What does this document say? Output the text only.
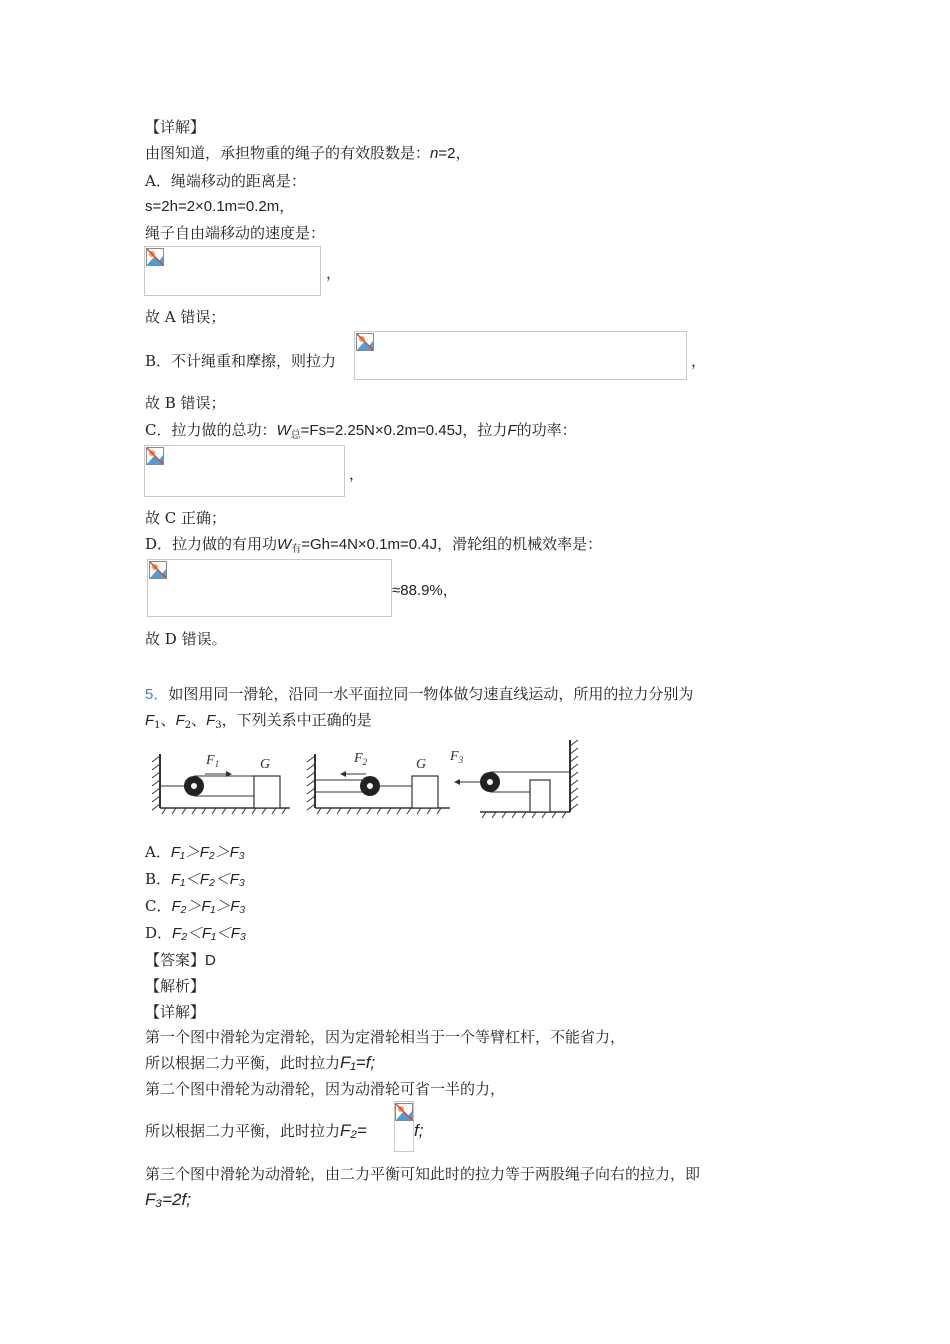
【详解】
由图知道，承担物重的绳子的有效股数是：n=2，
A．绳端移动的距离是：
s=2h=2×0.1m=0.2m，
绳子自由端移动的速度是：
，
故 A 错误；
B．不计绳重和摩擦，则拉力	，
故 B 错误；
C．拉力做的总功：$W_总=Fs=2.25N\times 0.2m=0.45J$，拉力F的功率：
，
故 C 正确；
D．拉力做的有用功$W_有=Gh=4N\times 0.1m=0.4J$，滑轮组的机械效率是：
≈88.9%，
故 D 错误。
5．如图用同一滑轮，沿同一水平面拉同一物体做匀速直线运动，所用的拉力分别为
$F_1$、$F_2$、$F_3$，下列关系中正确的是
$F_1$	G	$F_2$	G
$F_3$
A．F₁＞F₂＞F₃
B．F₁＜F₂＜F₃
C．F₂＞F₁＞F₃
D．F₂＜F₁＜F₃
【答案】D
【解析】
【详解】
第一个图中滑轮为定滑轮，因为定滑轮相当于一个等臂杠杆，不能省力，
所以根据二力平衡，此时拉力F₁=f;
第二个图中滑轮为动滑轮，因为动滑轮可省一半的力，
所以根据二力平衡，此时拉力F₂=	f;
第三个图中滑轮为动滑轮，由二力平衡可知此时的拉力等于两股绳子向右的拉力，即
F₃=2f;
